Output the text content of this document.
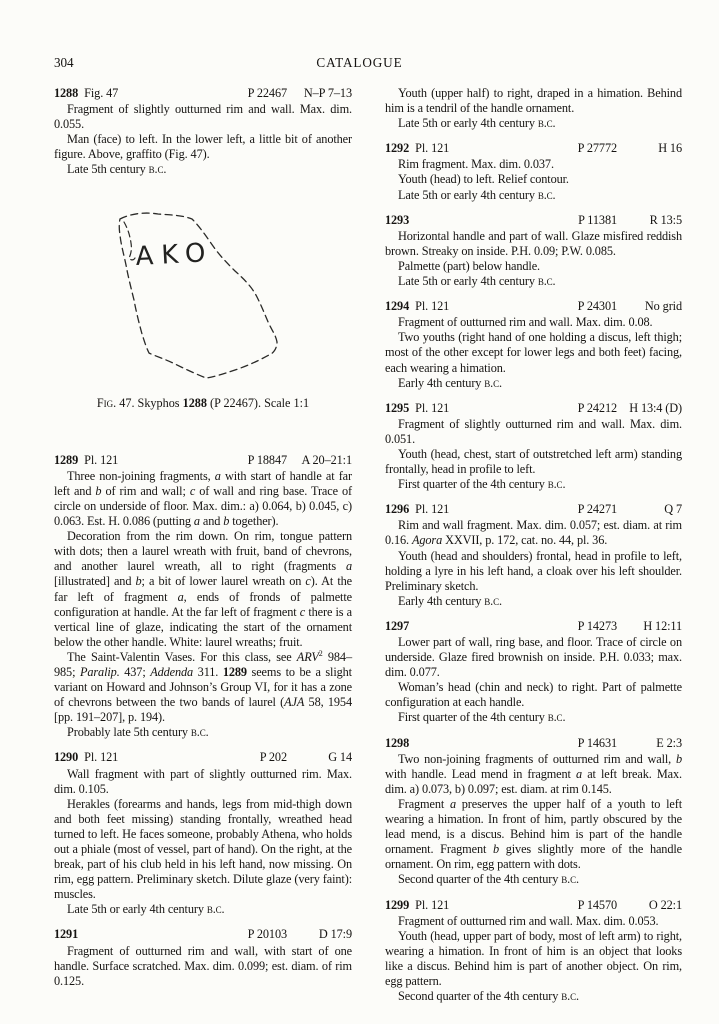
304	CATALOGUE
1288 Fig. 47	P 22467	N–P 7–13

Fragment of slightly outturned rim and wall. Max. dim. 0.055.

Man (face) to left. In the lower left, a little bit of another figure. Above, graffito (Fig. 47).

Late 5th century b.c.

AKO
Fig. 47. Skyphos 1288 (P 22467). Scale 1:1
1289 Pl. 121	P 18847	A 20–21:1

Three non-joining fragments, a with start of handle at far left and b of rim and wall; c of wall and ring base. Trace of circle on underside of floor. Max. dim.: a) 0.064, b) 0.045, c) 0.063. Est. H. 0.086 (putting a and b together).

Decoration from the rim down. On rim, tongue pattern with dots; then a laurel wreath with fruit, band of chevrons, and another laurel wreath, all to right (fragments a [illustrated] and b; a bit of lower laurel wreath on c). At the far left of fragment a, ends of fronds of palmette configuration at handle. At the far left of fragment c there is a vertical line of glaze, indicating the start of the ornament below the other handle. White: laurel wreaths; fruit.

The Saint-Valentin Vases. For this class, see ARV$^2$ 984–985; Paralip. 437; Addenda 311. 1289 seems to be a slight variant on Howard and Johnson’s Group VI, for it has a zone of chevrons between the two bands of laurel (AJA 58, 1954 [pp. 191–207], p. 194).

Probably late 5th century b.c.

1290 Pl. 121	P 202	G 14

Wall fragment with part of slightly outturned rim. Max. dim. 0.105.

Herakles (forearms and hands, legs from mid-thigh down and both feet missing) standing frontally, wreathed head turned to left. He faces someone, probably Athena, who holds out a phiale (most of vessel, part of hand). On the right, at the break, part of his club held in his left hand, now missing. On rim, egg pattern. Preliminary sketch. Dilute glaze (very faint): muscles.

Late 5th or early 4th century b.c.

1291	P 20103	D 17:9

Fragment of outturned rim and wall, with start of one handle. Surface scratched. Max. dim. 0.099; est. diam. of rim 0.125.

Youth (upper half) to right, draped in a himation. Behind him is a tendril of the handle ornament.

Late 5th or early 4th century b.c.

1292 Pl. 121	P 27772	H 16

Rim fragment. Max. dim. 0.037.

Youth (head) to left. Relief contour.

Late 5th or early 4th century b.c.

1293	P 11381	R 13:5

Horizontal handle and part of wall. Glaze misfired reddish brown. Streaky on inside. P.H. 0.09; P.W. 0.085.

Palmette (part) below handle.

Late 5th or early 4th century b.c.

1294 Pl. 121	P 24301	No grid

Fragment of outturned rim and wall. Max. dim. 0.08.

Two youths (right hand of one holding a discus, left thigh; most of the other except for lower legs and both feet) facing, each wearing a himation.

Early 4th century b.c.

1295 Pl. 121	P 24212 H 13:4 (D)

Fragment of slightly outturned rim and wall. Max. dim. 0.051.

Youth (head, chest, start of outstretched left arm) standing frontally, head in profile to left.

First quarter of the 4th century b.c.

1296 Pl. 121	P 24271	Q 7

Rim and wall fragment. Max. dim. 0.057; est. diam. at rim 0.16. Agora XXVII, p. 172, cat. no. 44, pl. 36.

Youth (head and shoulders) frontal, head in profile to left, holding a lyre in his left hand, a cloak over his left shoulder. Preliminary sketch.

Early 4th century b.c.

1297	P 14273	H 12:11

Lower part of wall, ring base, and floor. Trace of circle on underside. Glaze fired brownish on inside. P.H. 0.033; max. dim. 0.077.

Woman’s head (chin and neck) to right. Part of palmette configuration at each handle.

First quarter of the 4th century b.c.

1298	P 14631	E 2:3

Two non-joining fragments of outturned rim and wall, b with handle. Lead mend in fragment a at left break. Max. dim. a) 0.073, b) 0.097; est. diam. at rim 0.145.

Fragment a preserves the upper half of a youth to left wearing a himation. In front of him, partly obscured by the lead mend, is a discus. Behind him is part of the handle ornament. Fragment b gives slightly more of the handle ornament. On rim, egg pattern with dots.

Second quarter of the 4th century b.c.

1299 Pl. 121	P 14570	O 22:1

Fragment of outturned rim and wall. Max. dim. 0.053.

Youth (head, upper part of body, most of left arm) to right, wearing a himation. In front of him is an object that looks like a discus. Behind him is part of another object. On rim, egg pattern.

Second quarter of the 4th century b.c.
